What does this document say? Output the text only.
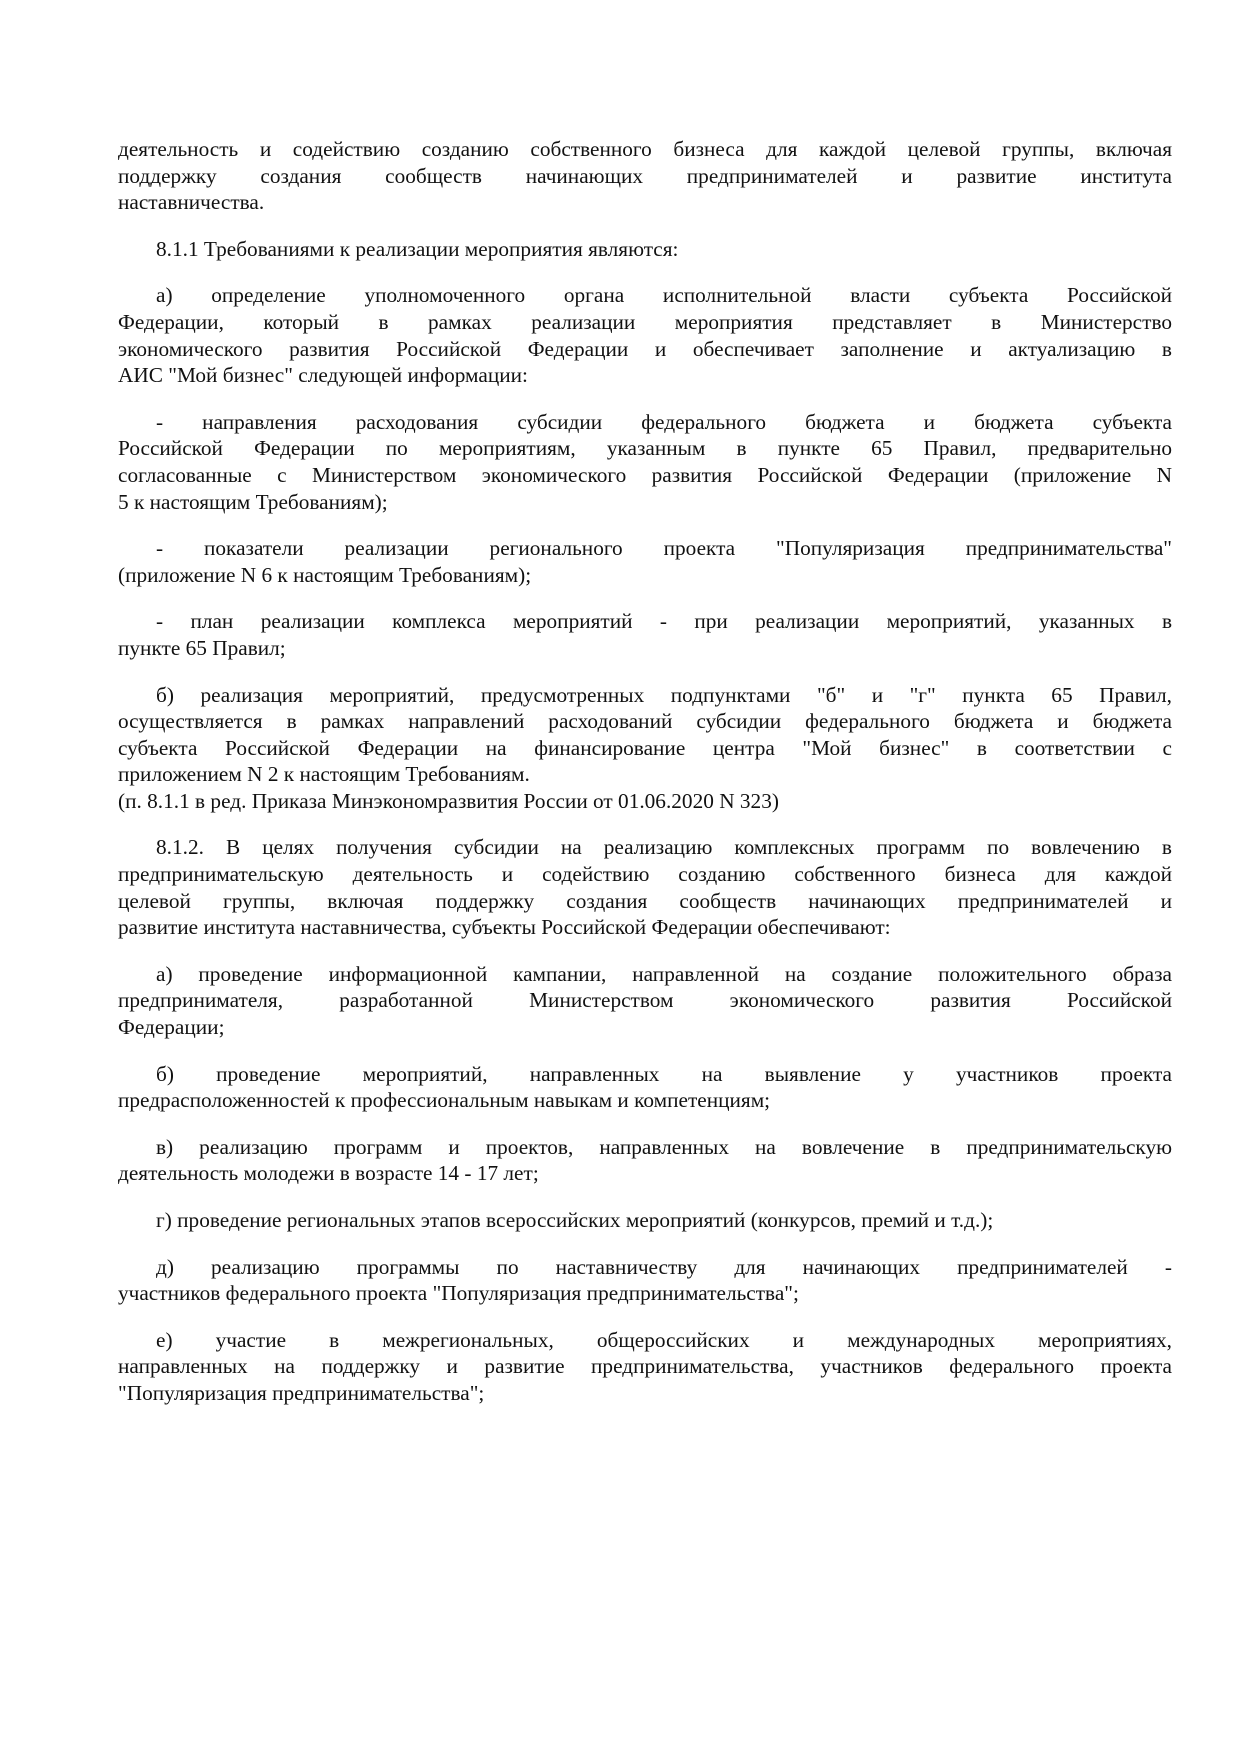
деятельность и содействию созданию собственного бизнеса для каждой целевой группы, включая
поддержку создания сообществ начинающих предпринимателей и развитие института
наставничества.
8.1.1 Требованиями к реализации мероприятия являются:
а) определение уполномоченного органа исполнительной власти субъекта Российской
Федерации, который в рамках реализации мероприятия представляет в Министерство
экономического развития Российской Федерации и обеспечивает заполнение и актуализацию в
АИС "Мой бизнес" следующей информации:
- направления расходования субсидии федерального бюджета и бюджета субъекта
Российской Федерации по мероприятиям, указанным в пункте 65 Правил, предварительно
согласованные с Министерством экономического развития Российской Федерации (приложение N
5 к настоящим Требованиям);
- показатели реализации регионального проекта "Популяризация предпринимательства"
(приложение N 6 к настоящим Требованиям);
- план реализации комплекса мероприятий - при реализации мероприятий, указанных в
пункте 65 Правил;
б) реализация мероприятий, предусмотренных подпунктами "б" и "г" пункта 65 Правил,
осуществляется в рамках направлений расходований субсидии федерального бюджета и бюджета
субъекта Российской Федерации на финансирование центра "Мой бизнес" в соответствии с
приложением N 2 к настоящим Требованиям.
(п. 8.1.1 в ред. Приказа Минэкономразвития России от 01.06.2020 N 323)
8.1.2. В целях получения субсидии на реализацию комплексных программ по вовлечению в
предпринимательскую деятельность и содействию созданию собственного бизнеса для каждой
целевой группы, включая поддержку создания сообществ начинающих предпринимателей и
развитие института наставничества, субъекты Российской Федерации обеспечивают:
а) проведение информационной кампании, направленной на создание положительного образа
предпринимателя, разработанной Министерством экономического развития Российской
Федерации;
б) проведение мероприятий, направленных на выявление у участников проекта
предрасположенностей к профессиональным навыкам и компетенциям;
в) реализацию программ и проектов, направленных на вовлечение в предпринимательскую
деятельность молодежи в возрасте 14 - 17 лет;
г) проведение региональных этапов всероссийских мероприятий (конкурсов, премий и т.д.);
д) реализацию программы по наставничеству для начинающих предпринимателей -
участников федерального проекта "Популяризация предпринимательства";
е) участие в межрегиональных, общероссийских и международных мероприятиях,
направленных на поддержку и развитие предпринимательства, участников федерального проекта
"Популяризация предпринимательства";
